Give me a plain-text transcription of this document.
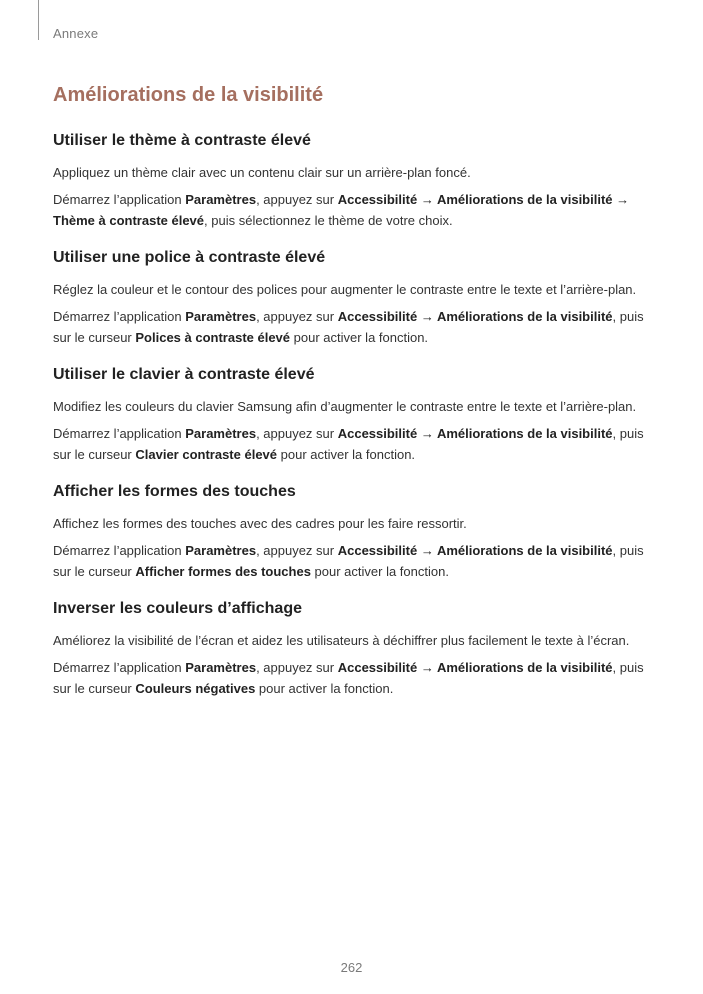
Annexe
Améliorations de la visibilité
Utiliser le thème à contraste élevé

Appliquez un thème clair avec un contenu clair sur un arrière-plan foncé.

Démarrez l’application Paramètres, appuyez sur Accessibilité → Améliorations de la visibilité → Thème à contraste élevé, puis sélectionnez le thème de votre choix.

Utiliser une police à contraste élevé

Réglez la couleur et le contour des polices pour augmenter le contraste entre le texte et l’arrière-plan.

Démarrez l’application Paramètres, appuyez sur Accessibilité → Améliorations de la visibilité, puis sur le curseur Polices à contraste élevé pour activer la fonction.

Utiliser le clavier à contraste élevé

Modifiez les couleurs du clavier Samsung afin d’augmenter le contraste entre le texte et l’arrière-plan.

Démarrez l’application Paramètres, appuyez sur Accessibilité → Améliorations de la visibilité, puis sur le curseur Clavier contraste élevé pour activer la fonction.

Afficher les formes des touches

Affichez les formes des touches avec des cadres pour les faire ressortir.

Démarrez l’application Paramètres, appuyez sur Accessibilité → Améliorations de la visibilité, puis sur le curseur Afficher formes des touches pour activer la fonction.

Inverser les couleurs d’affichage

Améliorez la visibilité de l’écran et aidez les utilisateurs à déchiffrer plus facilement le texte à l’écran.

Démarrez l’application Paramètres, appuyez sur Accessibilité → Améliorations de la visibilité, puis sur le curseur Couleurs négatives pour activer la fonction.

262
